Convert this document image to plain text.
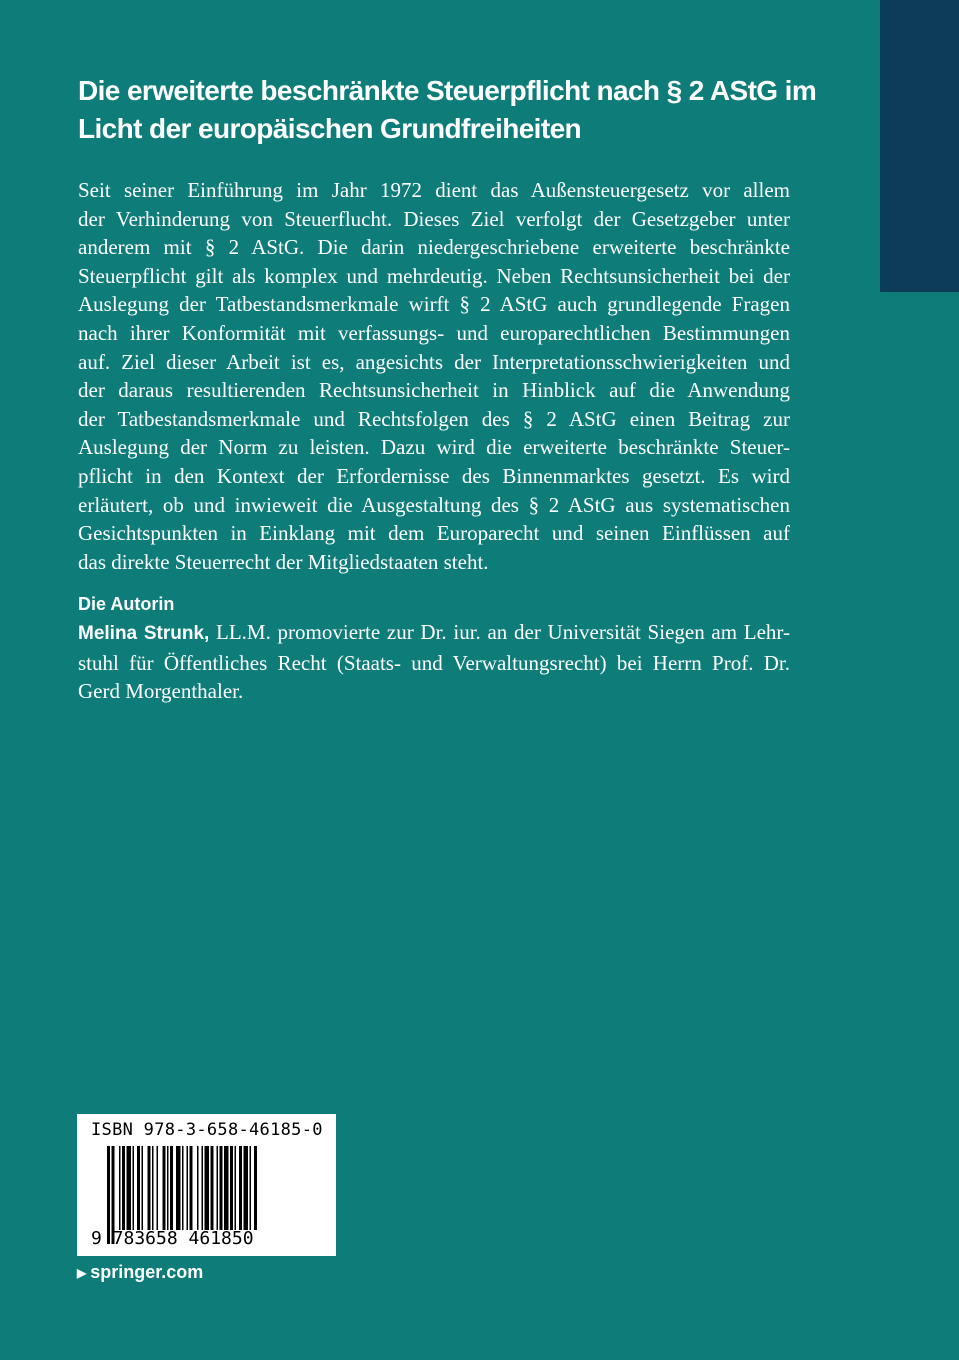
Die erweiterte beschränkte Steuerpflicht nach § 2 AStG im
Licht der europäischen Grundfreiheiten
Seit seiner Einführung im Jahr 1972 dient das Außensteuergesetz vor allem
der Verhinderung von Steuerflucht. Dieses Ziel verfolgt der Gesetzgeber unter
anderem mit § 2 AStG. Die darin niedergeschriebene erweiterte beschränkte
Steuerpflicht gilt als komplex und mehrdeutig. Neben Rechtsunsicherheit bei der
Auslegung der Tatbestandsmerkmale wirft § 2 AStG auch grundlegende Fragen
nach ihrer Konformität mit verfassungs- und europarechtlichen Bestimmungen
auf. Ziel dieser Arbeit ist es, angesichts der Interpretationsschwierigkeiten und
der daraus resultierenden Rechtsunsicherheit in Hinblick auf die Anwendung
der Tatbestandsmerkmale und Rechtsfolgen des § 2 AStG einen Beitrag zur
Auslegung der Norm zu leisten. Dazu wird die erweiterte beschränkte Steuer-
pflicht in den Kontext der Erfordernisse des Binnenmarktes gesetzt. Es wird
erläutert, ob und inwieweit die Ausgestaltung des § 2 AStG aus systematischen
Gesichtspunkten in Einklang mit dem Europarecht und seinen Einflüssen auf
das direkte Steuerrecht der Mitgliedstaaten steht.
Die Autorin
Melina Strunk, LL.M. promovierte zur Dr. iur. an der Universität Siegen am Lehr-
stuhl für Öffentliches Recht (Staats- und Verwaltungsrecht) bei Herrn Prof. Dr.
Gerd Morgenthaler.
ISBN 978-3-658-46185-0
9 783658 461850
▶ springer.com
